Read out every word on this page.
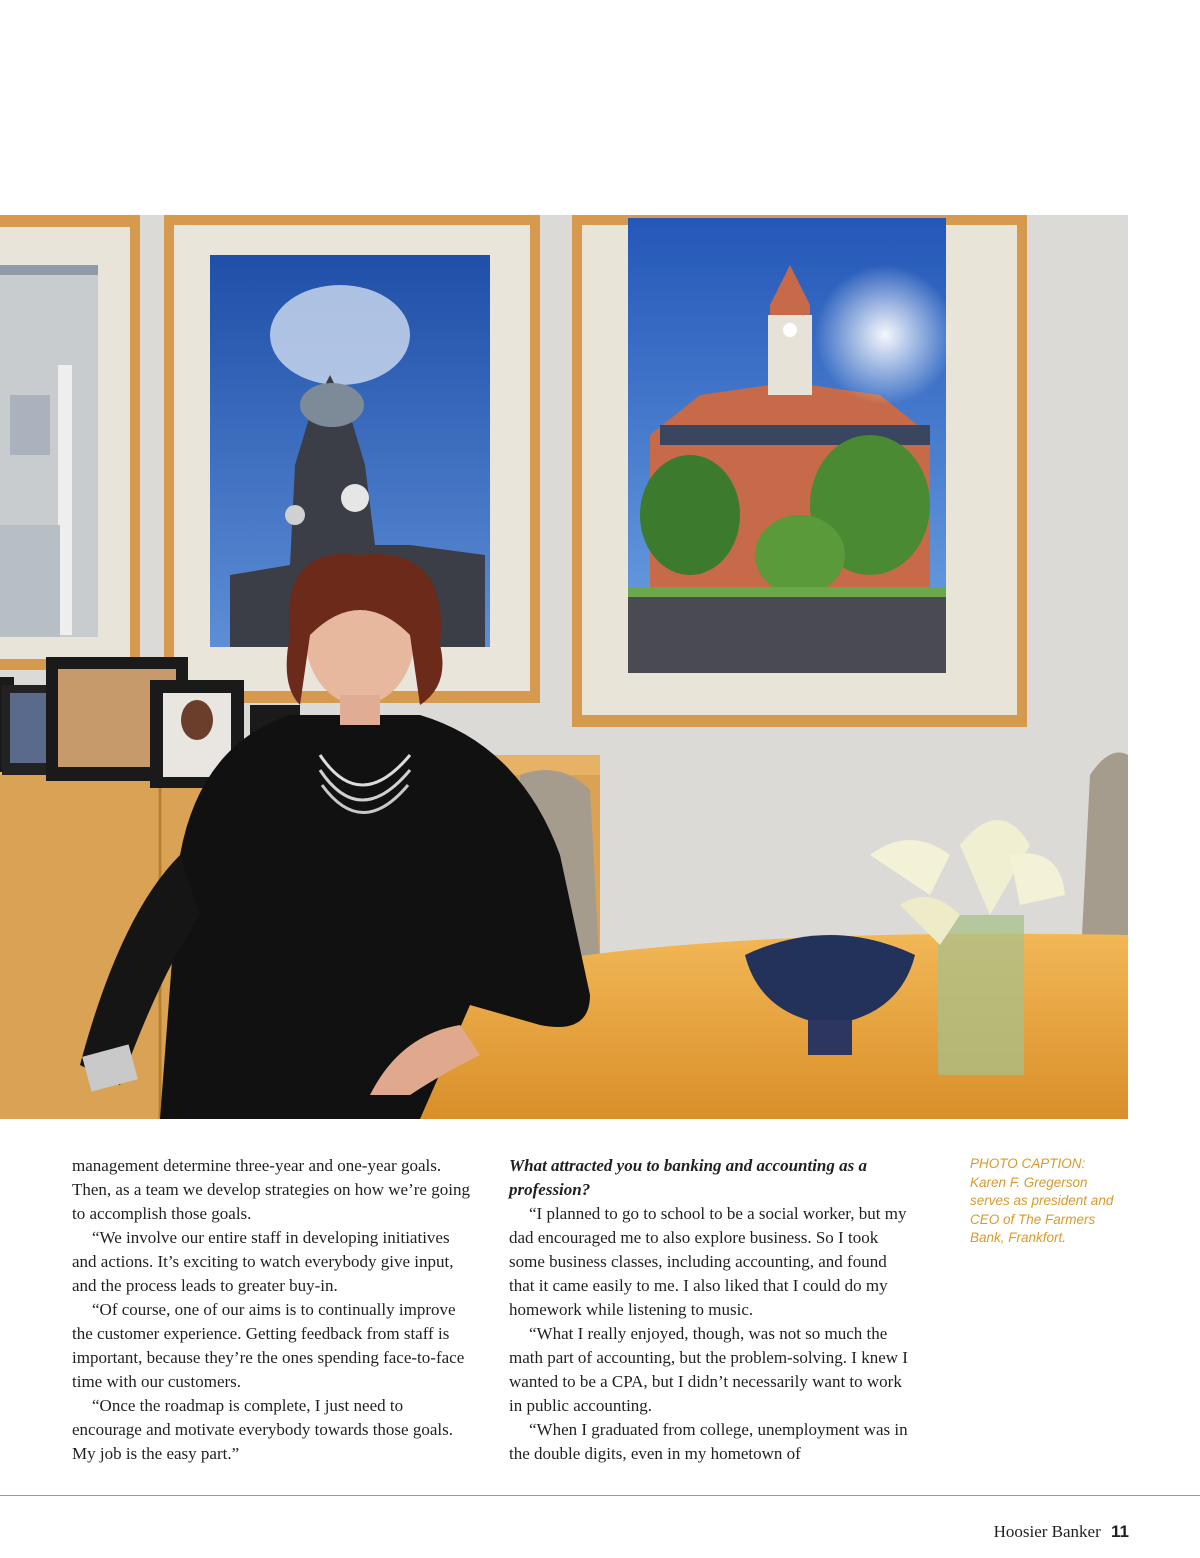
management determine three-year and one-year goals. Then, as a team we develop strategies on how we’re going to accomplish those goals.

“We involve our entire staff in developing initiatives and actions. It’s exciting to watch everybody give input, and the process leads to greater buy-in.

“Of course, one of our aims is to continually improve the customer experience. Getting feedback from staff is important, because they’re the ones spending face-to-face time with our customers.

“Once the roadmap is complete, I just need to encourage and motivate everybody towards those goals. My job is the easy part.”

What attracted you to banking and accounting as a profession?

“I planned to go to school to be a social worker, but my dad encouraged me to also explore business. So I took some business classes, including accounting, and found that it came easily to me. I also liked that I could do my homework while listening to music.

“What I really enjoyed, though, was not so much the math part of accounting, but the problem-solving. I knew I wanted to be a CPA, but I didn’t necessarily want to work in public accounting.

“When I graduated from college, unemployment was in the double digits, even in my hometown of

PHOTO CAPTION:
Karen F. Gregerson serves as president and CEO of The Farmers Bank, Frankfort.
Hoosier Banker 11
